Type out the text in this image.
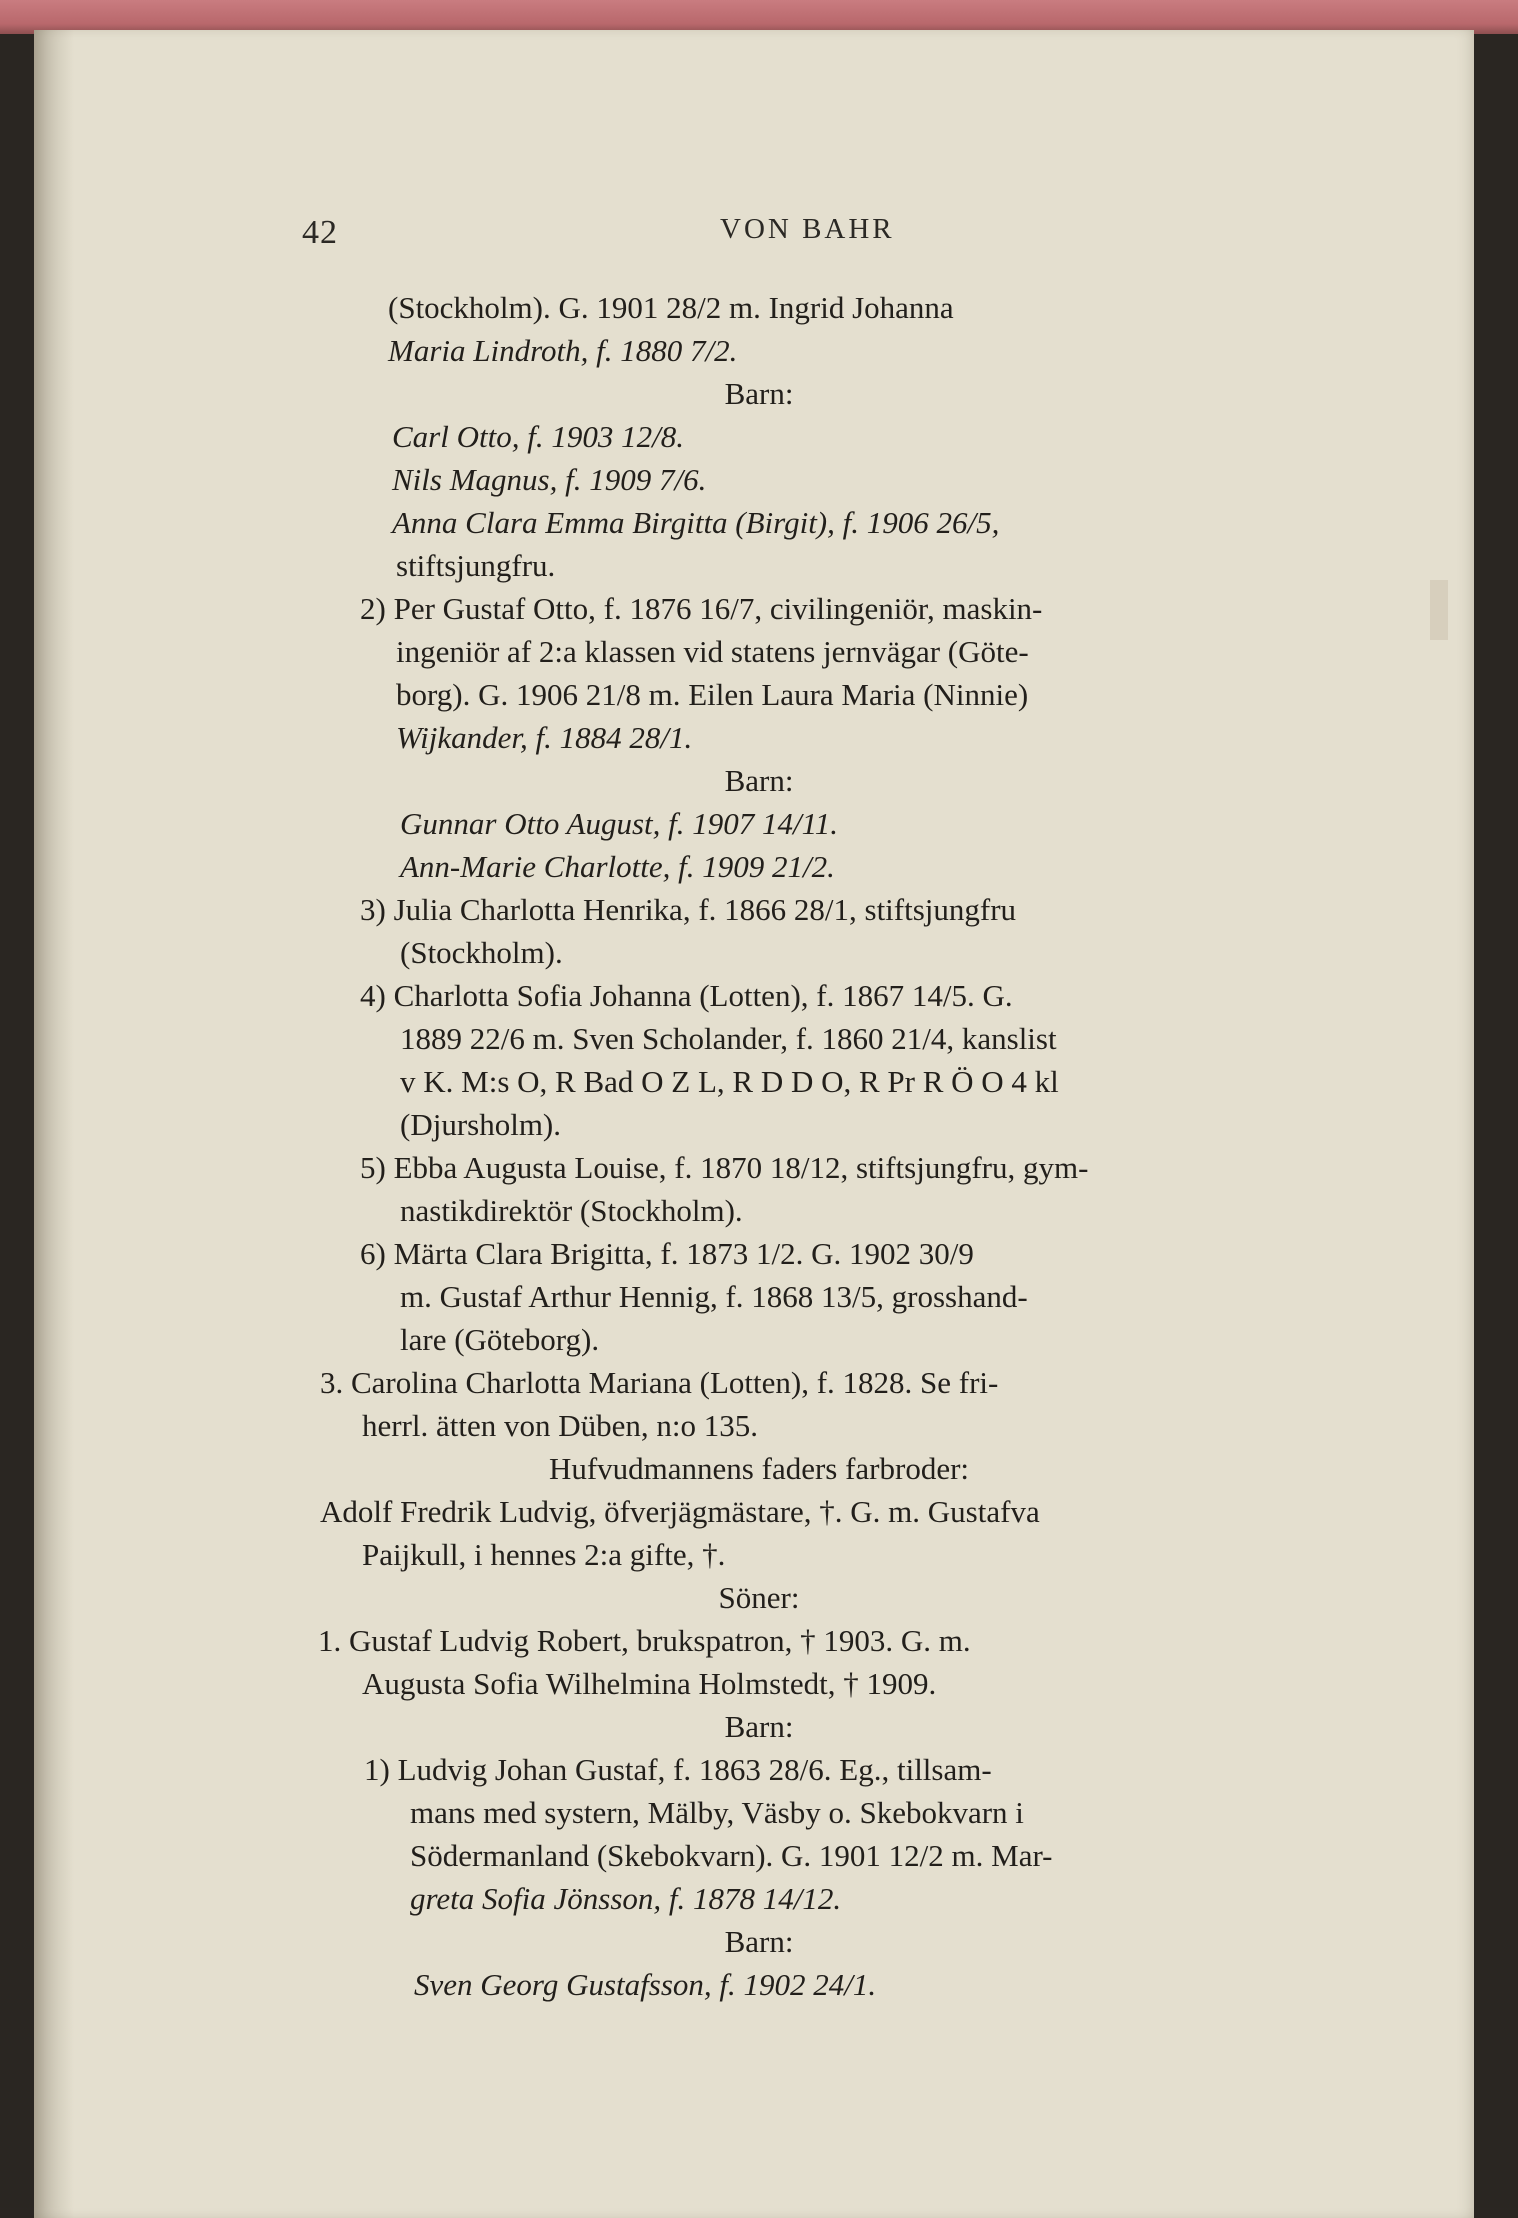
42	VON BAHR
(Stockholm). G. 1901 28/2 m. Ingrid Johanna
Maria Lindroth, f. 1880 7/2.
Barn:
Carl Otto, f. 1903 12/8.
Nils Magnus, f. 1909 7/6.
Anna Clara Emma Birgitta (Birgit), f. 1906 26/5,
stiftsjungfru.
2) Per Gustaf Otto, f. 1876 16/7, civilingeniör, maskin-
ingeniör af 2:a klassen vid statens jernvägar (Göte-
borg). G. 1906 21/8 m. Eilen Laura Maria (Ninnie)
Wijkander, f. 1884 28/1.
Barn:
Gunnar Otto August, f. 1907 14/11.
Ann-Marie Charlotte, f. 1909 21/2.
3) Julia Charlotta Henrika, f. 1866 28/1, stiftsjungfru
(Stockholm).
4) Charlotta Sofia Johanna (Lotten), f. 1867 14/5. G.
1889 22/6 m. Sven Scholander, f. 1860 21/4, kanslist
v K. M:s O, R Bad O Z L, R D D O, R Pr R Ö O 4 kl
(Djursholm).
5) Ebba Augusta Louise, f. 1870 18/12, stiftsjungfru, gym-
nastikdirektör (Stockholm).
6) Märta Clara Brigitta, f. 1873 1/2. G. 1902 30/9
m. Gustaf Arthur Hennig, f. 1868 13/5, grosshand-
lare (Göteborg).
3. Carolina Charlotta Mariana (Lotten), f. 1828. Se fri-
herrl. ätten von Düben, n:o 135.
Hufvudmannens faders farbroder:
Adolf Fredrik Ludvig, öfverjägmästare, †. G. m. Gustafva
Paijkull, i hennes 2:a gifte, †.
Söner:
1. Gustaf Ludvig Robert, brukspatron, † 1903. G. m.
Augusta Sofia Wilhelmina Holmstedt, † 1909.
Barn:
1) Ludvig Johan Gustaf, f. 1863 28/6. Eg., tillsam-
mans med systern, Mälby, Väsby o. Skebokvarn i
Södermanland (Skebokvarn). G. 1901 12/2 m. Mar-
greta Sofia Jönsson, f. 1878 14/12.
Barn:
Sven Georg Gustafsson, f. 1902 24/1.
